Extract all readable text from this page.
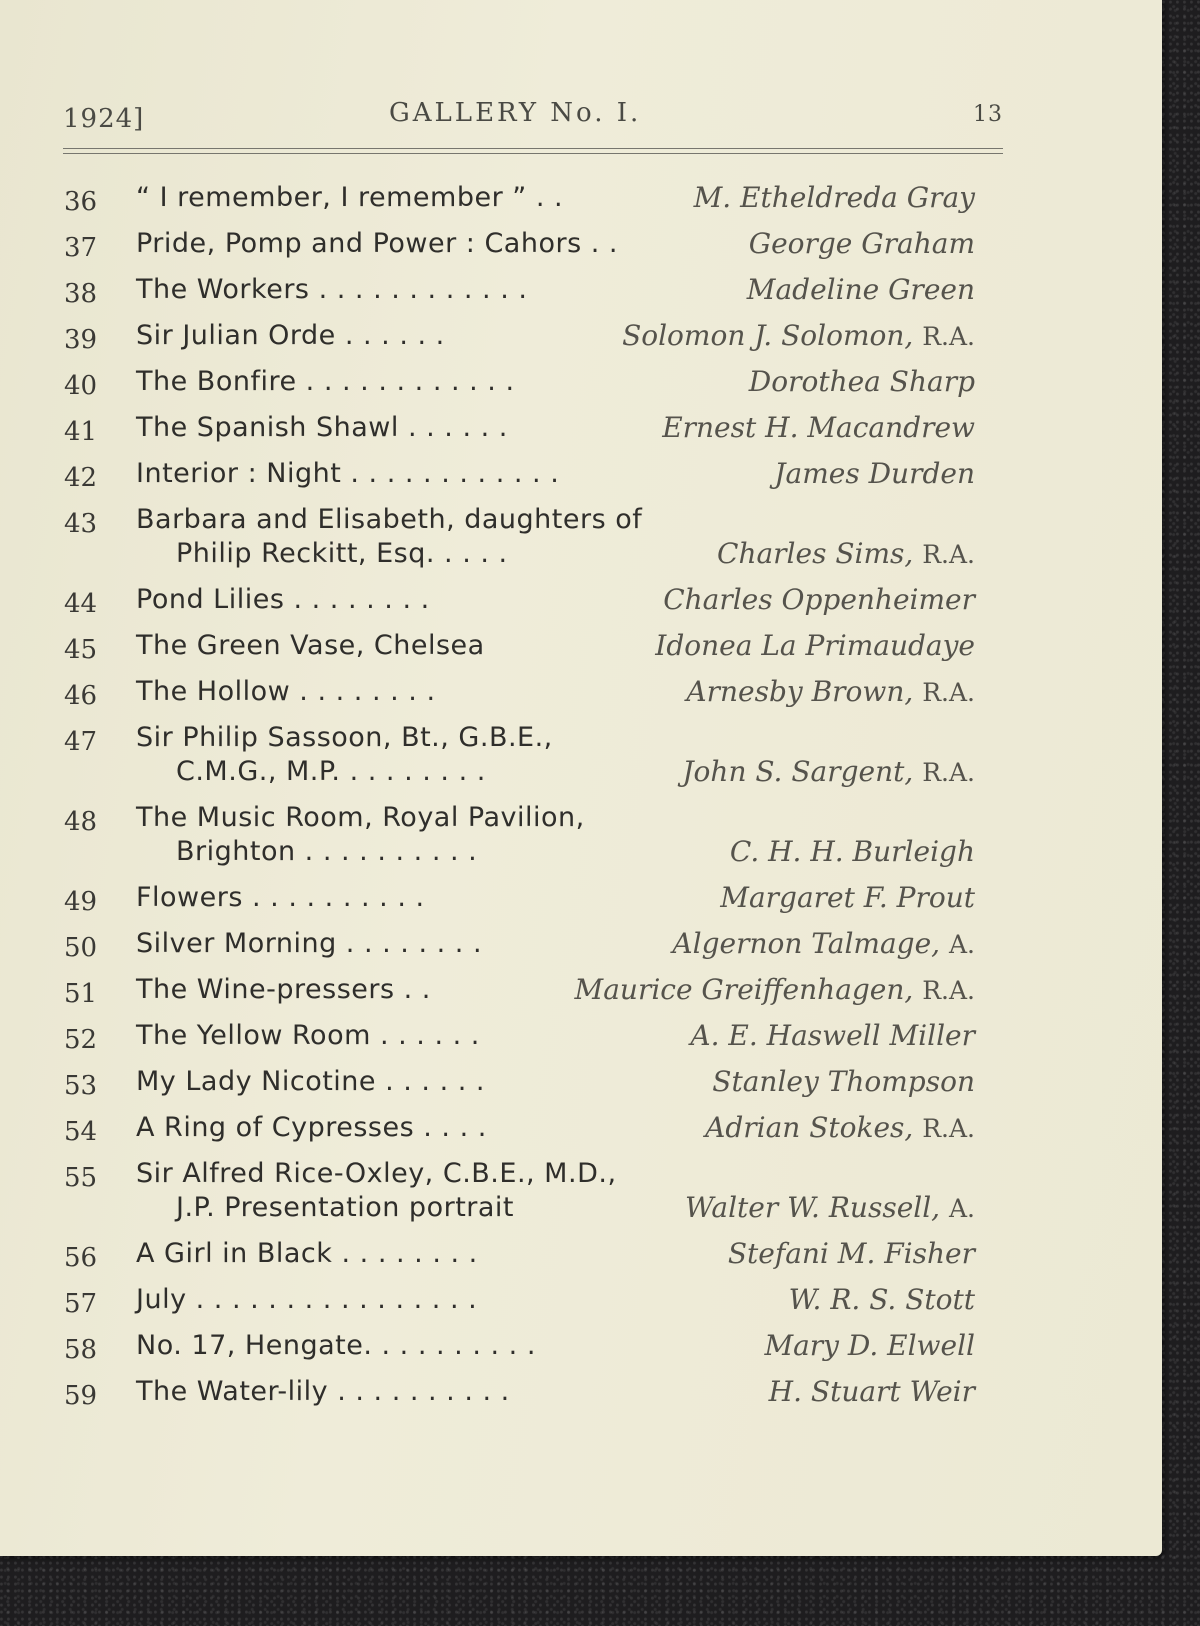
1924]	GALLERY No. I.	13
36 “ I remember, I remember ” . .	M. Etheldreda Gray
37 Pride, Pomp and Power : Cahors . .	George Graham
38 The Workers . . . . . . . . . . . .	Madeline Green
39 Sir Julian Orde . . . . . .	Solomon J. Solomon, R.A.
40 The Bonfire . . . . . . . . . . . .	Dorothea Sharp
41 The Spanish Shawl . . . . . .	Ernest H. Macandrew
42 Interior : Night . . . . . . . . . . . .	James Durden
43 Barbara and Elisabeth, daughters of
Philip Reckitt, Esq. . . . .	Charles Sims, R.A.
44 Pond Lilies . . . . . . . .	Charles Oppenheimer
45 The Green Vase, Chelsea	Idonea La Primaudaye
46 The Hollow . . . . . . . .	Arnesby Brown, R.A.
47 Sir Philip Sassoon, Bt., G.B.E.,
C.M.G., M.P. . . . . . . . .	John S. Sargent, R.A.
48 The Music Room, Royal Pavilion,
Brighton . . . . . . . . . .	C. H. H. Burleigh
49 Flowers . . . . . . . . . .	Margaret F. Prout
50 Silver Morning . . . . . . . .	Algernon Talmage, A.
51 The Wine-pressers . .	Maurice Greiffenhagen, R.A.
52 The Yellow Room . . . . . .	A. E. Haswell Miller
53 My Lady Nicotine . . . . . .	Stanley Thompson
54 A Ring of Cypresses . . . .	Adrian Stokes, R.A.
55 Sir Alfred Rice-Oxley, C.B.E., M.D.,
J.P. Presentation portrait	Walter W. Russell, A.
56 A Girl in Black . . . . . . . .	Stefani M. Fisher
57 July . . . . . . . . . . . . . . . .	W. R. S. Stott
58 No. 17, Hengate. . . . . . . . . .	Mary D. Elwell
59 The Water-lily . . . . . . . . . .	H. Stuart Weir
